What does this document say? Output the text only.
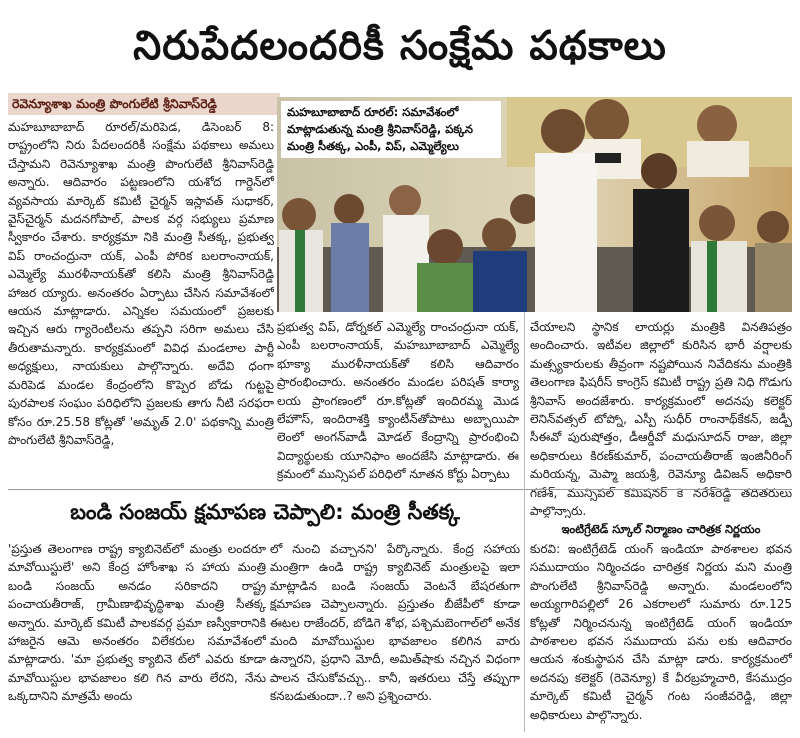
నిరుపేదలందరికీ సంక్షేమ పథకాలు
రెవెన్యూశాఖ మంత్రి పొంగులేటి శ్రీనివాస్‌రెడ్డి

మహబూబాబాద్ రూరల్/మరిపెడ, డిసెంబర్ 8: రాష్ట్రంలోని నిరు పేదలందరికీ సంక్షేమ పథకాలు అమలు చేస్తామని రెవెన్యూశాఖ మంత్రి పొంగులేటి శ్రీనివాస్‌రెడ్డి అన్నారు. ఆదివారం పట్టణంలోని యశోద గార్డెన్‌లో వ్యవసాయ మార్కెట్ కమిటీ చైర్మన్ ఇస్లావత్ సుధాకర్, వైస్‌చైర్మన్ మదనగోపాల్, పాలక వర్గ సభ్యులు ప్రమాణ స్వీకారం చేశారు. కార్యక్రమా నికి మంత్రి సీతక్క, ప్రభుత్వ విప్ రాంచంద్రునా యక్, ఎంపీ పోరిక బలరాంనాయక్, ఎమ్మెల్యే మురళీనాయక్‌తో కలిసి మంత్రి శ్రీనివాస్‌రెడ్డి హాజర య్యారు. అనంతరం ఏర్పాటు చేసిన సమావేశంలో ఆయన మాట్లాడారు. ఎన్నికల సమయంలో ప్రజలకు ఇచ్చిన ఆరు గ్యారెంటీలను తప్పని సరిగా అమలు చేసి తీరుతామన్నారు. కార్యక్రమంలో వివిధ మండలాల పార్టీ అధ్యక్షులు, నాయకులు పాల్గొన్నారు. అదేవి ధంగా మరిపెడ మండల కేంద్రంలోని కొప్పెర బోడు గుట్టపై పురపాలక సంఘం పరిధిలోని ప్రజలకు తాగు నీటి సరఫరా కోసం రూ.25.58 కోట్లతో 'అమృత్ 2.0' పథకాన్ని మంత్రి పొంగులేటి శ్రీనివాస్‌రెడ్డి,

మహబూబాబాద్ రూరల్: సమావేశంలో మాట్లాడుతున్న మంత్రి శ్రీనివాస్‌రెడ్డి, పక్కన మంత్రి సీతక్క, ఎంపీ, విప్, ఎమ్మెల్యేలు

ప్రభుత్వ విప్, డోర్నకల్ ఎమ్మెల్యే రాంచంద్రునా యక్, ఎంపీ బలరాంనాయక్, మహబూబాబాద్ ఎమ్మెల్యే భూక్యా మురళీనాయక్‌తో కలిసి ఆదివారం ప్రారంభించారు. అనంతరం మండల పరిషత్ కార్యా లయ ప్రాంగణంలో రూ.కోట్లతో ఇందిరమ్మ మొడ లేహౌస్, ఇందిరాశక్తి క్యాంటీన్‌తోపాటు అబ్బాయిపా లెంలో అంగన్‌వాడీ మోడల్ కేంద్రాన్ని ప్రారంభించి విద్యార్థులకు యూనిఫాం అందజేసి మాట్లాడారు. ఈ క్రమంలో మున్సిపల్ పరిధిలో నూతన కోర్టు ఏర్పాటు

చేయాలని స్థానిక లాయర్లు మంత్రికి వినతిపత్రం అందించారు. ఇటీవల జిల్లాలో కురిసిన భారీ వర్షాలకు మత్స్యకారులకు తీవ్రంగా నష్టపోయిన నివేదికను మంత్రికి తెలంగాణ ఫిషరీస్ కాంగ్రెస్ కమిటీ రాష్ట్ర ప్రతి నిధి గొడుగు శ్రీనివాస్ అందజేశారు. కార్యక్రమంలో అదనపు కలెక్టర్ లెనిన్‌వత్సల్ టోప్నో, ఎస్పీ సుధీర్ రాంనాథ్‌కేకన్, జడ్పీ సీఈవో పురుషోత్తం, డీఆర్డీవో మధుసూదన్ రాజు, జిల్లా అధికారులు కిరణ్‌కుమార్, పంచాయతీరాజ్ ఇంజినీరింగ్ మరియన్న, మెప్మా జయశ్రీ, రెవెన్యూ డివిజన్ అధికారి గణేశ్, మున్సిపల్ కమిషనర్ కె నరేశ్‌రెడ్డి తదితరులు పాల్గొన్నారు.

బండి సంజయ్ క్షమాపణ చెప్పాలి: మంత్రి సీతక్క

'ప్రస్తుత తెలంగాణ రాష్ట్ర క్యాబినెట్‌లో మంత్రు లందరూ మావోయిస్టులే' అని కేంద్ర హోంశాఖ స హాయ మంత్రి బండి సంజయ్ అనడం సరికాదని రాష్ట్ర పంచాయతీరాజ్, గ్రామీణాభివృద్ధిశాఖ మంత్రి సీతక్క అన్నారు. మార్కెట్ కమిటీ పాలకవర్గ ప్రమా ణస్వీకారానికి హాజరైన ఆమె అనంతరం విలేకరుల సమావేశంలో మాట్లాడారు. 'మా ప్రభుత్వ క్యాబినె ట్‌లో ఎవరు కూడా మావోయిస్టుల భావజాలం కలి గిన వారు లేరని, నేను ఒక్కదానిని మాత్రమే అందు

లో నుంచి వచ్చానని' పేర్కొన్నారు. కేంద్ర సహాయ మంత్రిగా ఉండి రాష్ట్ర క్యాబినెట్ మంత్రులపై ఇలా మాట్లాడిన బండి సంజయ్ వెంటనే బేషరతుగా క్షమాపణ చెప్పాలన్నారు. ప్రస్తుతం బీజేపీలో కూడా ఈటల రాజేందర్, బోడిగె శోభ, పశ్చిమబెంగాల్‌లో అనేక మంది మావోయిస్టుల భావజాలం కలిగిన వారు ఉన్నారని, ప్రధాని మోదీ, అమిత్‌షాకు నచ్చిన విధంగా పాలన చేసుకోవచ్చు.. కానీ, ఇతరులు చేస్తే తప్పుగా కనబడుతుందా..? అని ప్రశ్నించారు.

ఇంటిగ్రేటెడ్ స్కూల్ నిర్మాణం చారిత్రక నిర్ణయం

కురవి: ఇంటిగ్రేటెడ్ యంగ్ ఇండియా పాఠశాలల భవన సముదాయం నిర్మించడం చారిత్రక నిర్ణయ మని మంత్రి పొంగులేటి శ్రీనివాస్‌రెడ్డి అన్నారు. మండలంలోని అయ్యగారిపల్లిలో 26 ఎకరాలలో సుమారు రూ.125 కోట్లతో నిర్మించనున్న ఇంటిగ్రేటెడ్ యంగ్ ఇండియా పాఠశాలల భవన సముదాయ పను లకు ఆదివారం ఆయన శంకుస్థాపన చేసి మాట్లా డారు. కార్యక్రమంలో అదనపు కలెక్టర్ (రెవెన్యూ) కే వీరబ్రహ్మచారి, కేసముద్రం మార్కెట్ కమిటీ చైర్మన్ గంట సంజీవరెడ్డి, జిల్లా అధికారులు పాల్గొన్నారు.
